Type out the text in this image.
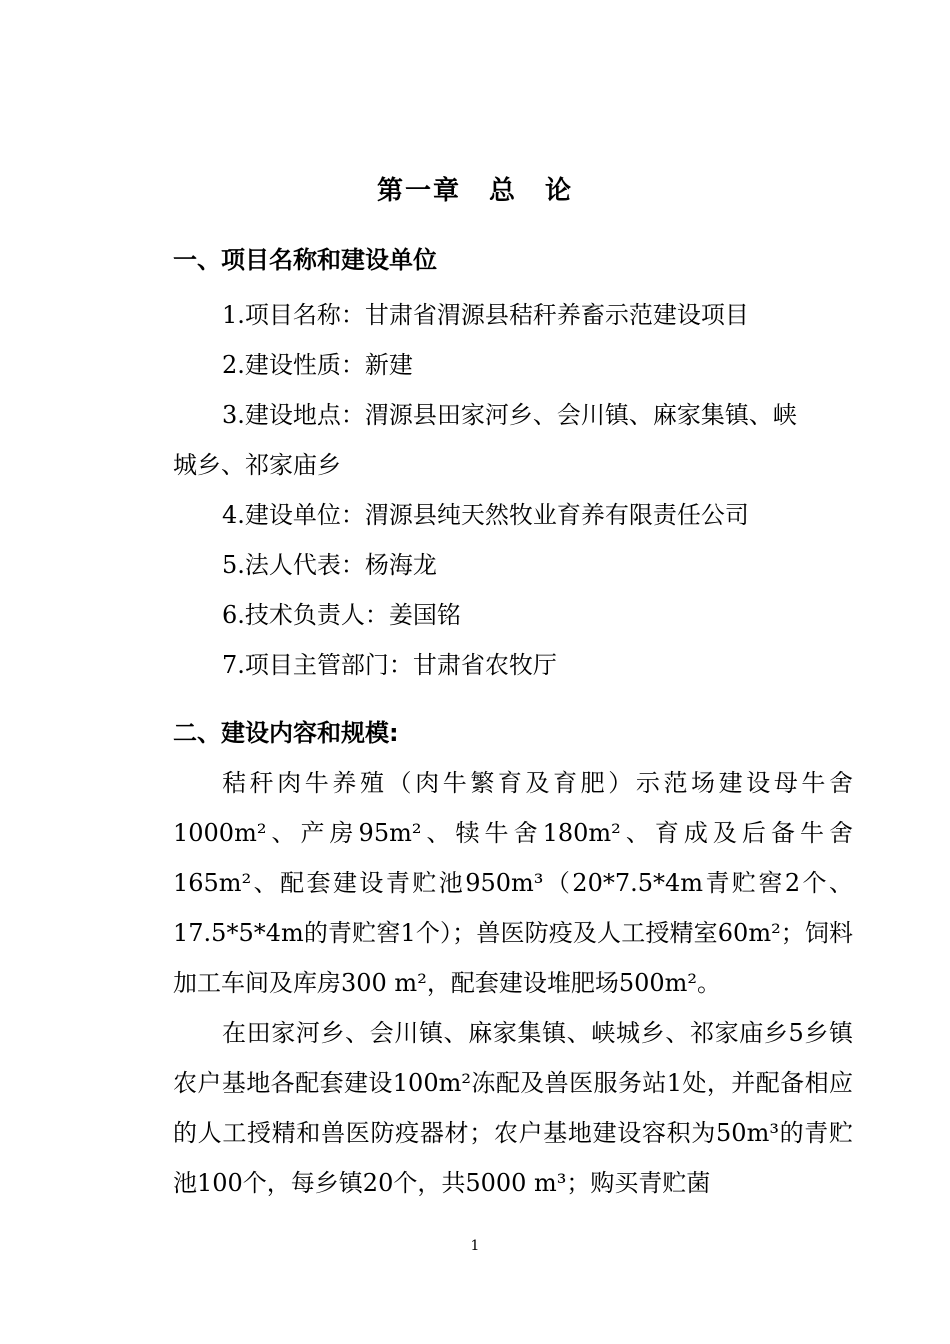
第一章　总　论
一、项目名称和建设单位
1.项目名称：甘肃省渭源县秸秆养畜示范建设项目
2.建设性质：新建
3.建设地点：渭源县田家河乡、会川镇、麻家集镇、峡
城乡、祁家庙乡
4.建设单位：渭源县纯天然牧业育养有限责任公司
5.法人代表：杨海龙
6.技术负责人：姜国铭
7.项目主管部门：甘肃省农牧厅
二、建设内容和规模:
秸秆肉牛养殖（肉牛繁育及育肥）示范场建设母牛舍1000m²、产房95m²、犊牛舍180m²、育成及后备牛舍165m²、配套建设青贮池950m³（20*7.5*4m青贮窖2个、17.5*5*4m的青贮窖1个）；兽医防疫及人工授精室60m²；饲料加工车间及库房300 m²，配套建设堆肥场500m²。
在田家河乡、会川镇、麻家集镇、峡城乡、祁家庙乡5乡镇农户基地各配套建设100m²冻配及兽医服务站1处，并配备相应的人工授精和兽医防疫器材；农户基地建设容积为50m³的青贮池100个，每乡镇20个，共5000 m³；购买青贮菌
1
